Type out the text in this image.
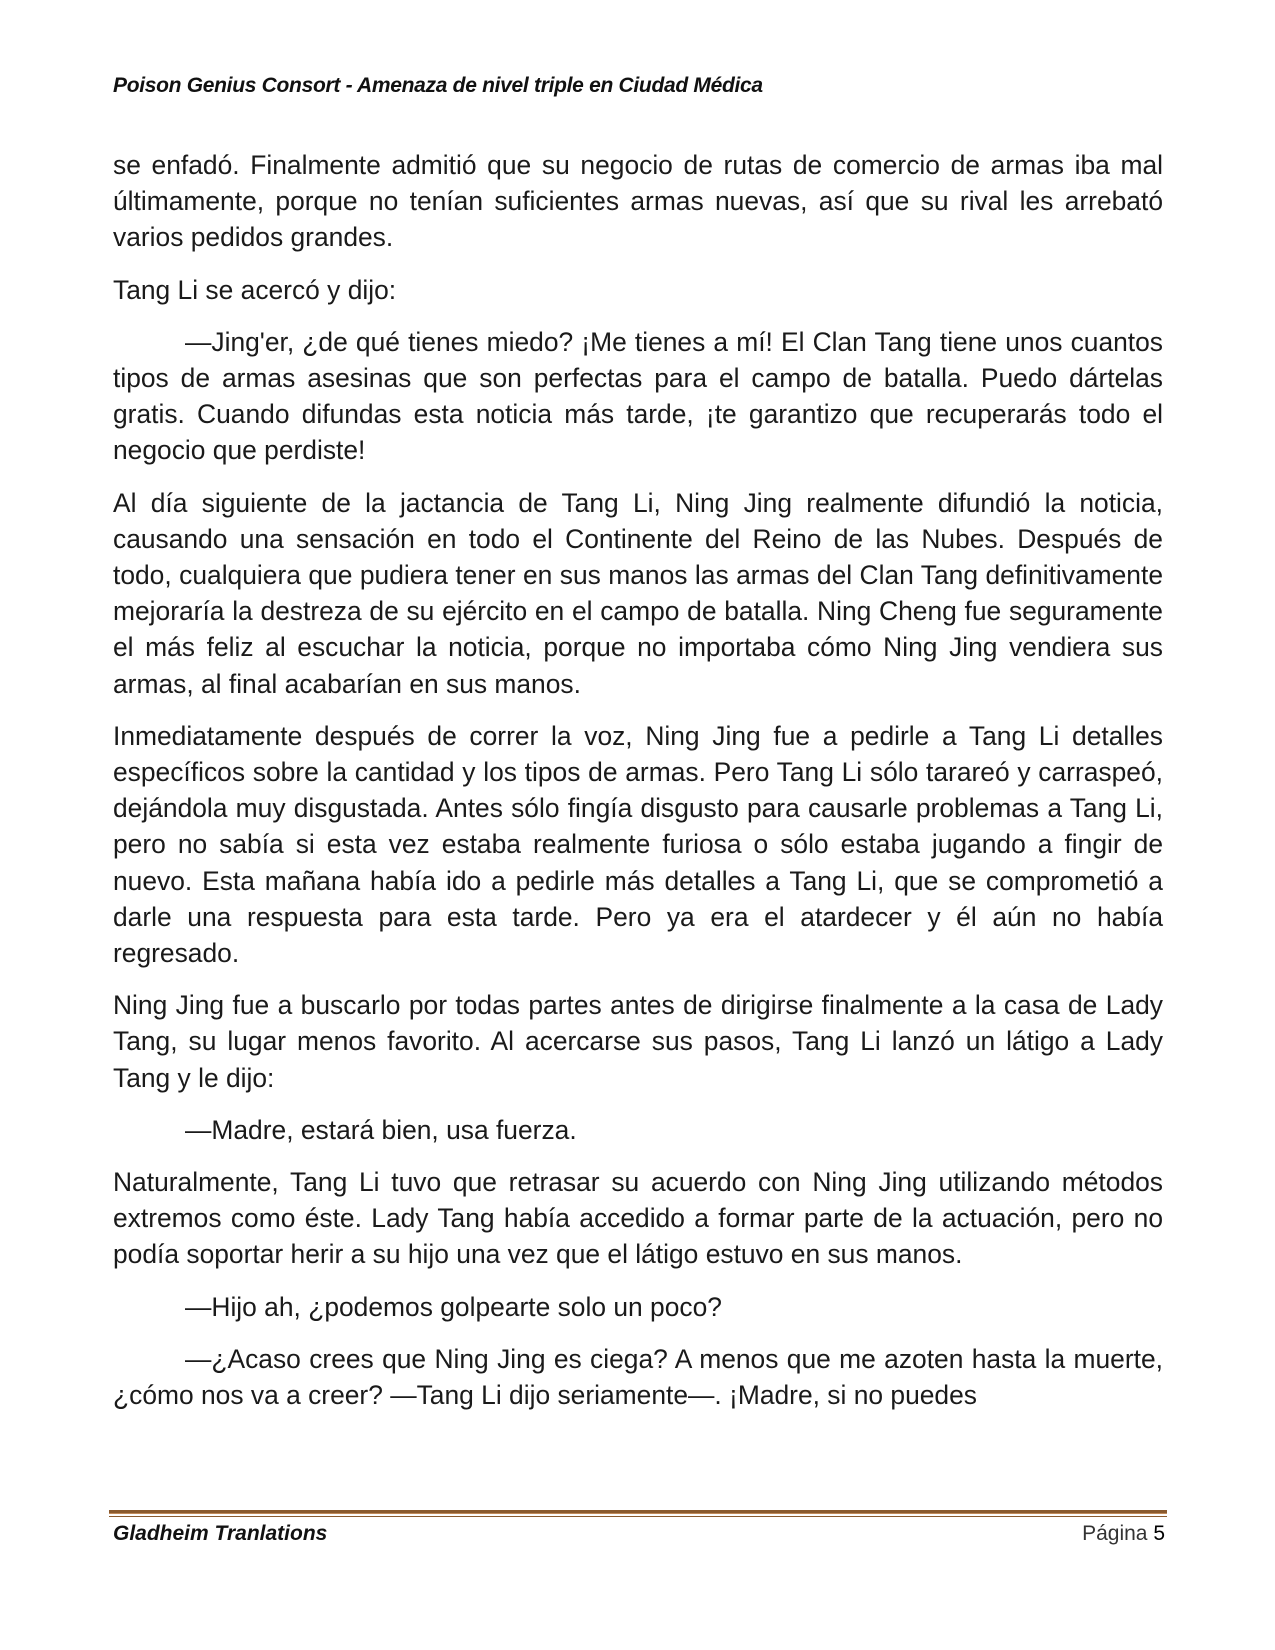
Poison Genius Consort - Amenaza de nivel triple en Ciudad Médica

se enfadó. Finalmente admitió que su negocio de rutas de comercio de armas iba mal últimamente, porque no tenían suficientes armas nuevas, así que su rival les arrebató varios pedidos grandes.

Tang Li se acercó y dijo:

—Jing'er, ¿de qué tienes miedo? ¡Me tienes a mí! El Clan Tang tiene unos cuantos tipos de armas asesinas que son perfectas para el campo de batalla. Puedo dártelas gratis. Cuando difundas esta noticia más tarde, ¡te garantizo que recuperarás todo el negocio que perdiste!

Al día siguiente de la jactancia de Tang Li, Ning Jing realmente difundió la noticia, causando una sensación en todo el Continente del Reino de las Nubes. Después de todo, cualquiera que pudiera tener en sus manos las armas del Clan Tang definitivamente mejoraría la destreza de su ejército en el campo de batalla. Ning Cheng fue seguramente el más feliz al escuchar la noticia, porque no importaba cómo Ning Jing vendiera sus armas, al final acabarían en sus manos.

Inmediatamente después de correr la voz, Ning Jing fue a pedirle a Tang Li detalles específicos sobre la cantidad y los tipos de armas. Pero Tang Li sólo tarareó y carraspeó, dejándola muy disgustada. Antes sólo fingía disgusto para causarle problemas a Tang Li, pero no sabía si esta vez estaba realmente furiosa o sólo estaba jugando a fingir de nuevo. Esta mañana había ido a pedirle más detalles a Tang Li, que se comprometió a darle una respuesta para esta tarde. Pero ya era el atardecer y él aún no había regresado.

Ning Jing fue a buscarlo por todas partes antes de dirigirse finalmente a la casa de Lady Tang, su lugar menos favorito. Al acercarse sus pasos, Tang Li lanzó un látigo a Lady Tang y le dijo:

—Madre, estará bien, usa fuerza.

Naturalmente, Tang Li tuvo que retrasar su acuerdo con Ning Jing utilizando métodos extremos como éste. Lady Tang había accedido a formar parte de la actuación, pero no podía soportar herir a su hijo una vez que el látigo estuvo en sus manos.

—Hijo ah, ¿podemos golpearte solo un poco?

—¿Acaso crees que Ning Jing es ciega? A menos que me azoten hasta la muerte, ¿cómo nos va a creer? —Tang Li dijo seriamente—. ¡Madre, si no puedes

Gladheim Tranlations	Página 5
